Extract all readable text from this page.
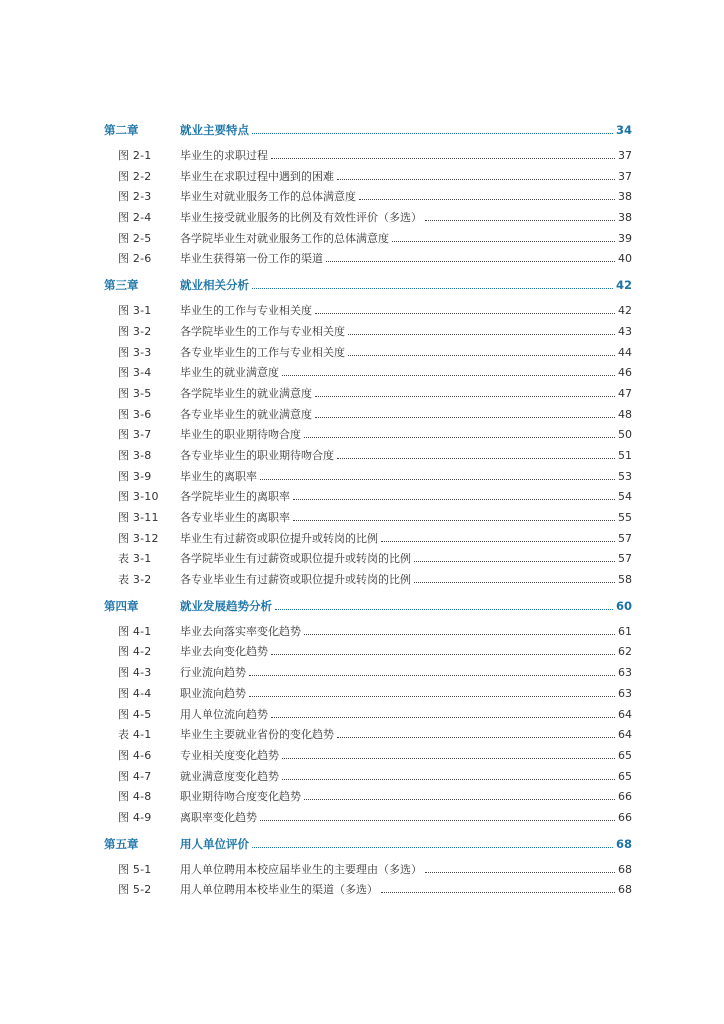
第二章	就业主要特点	34
图 2-1	毕业生的求职过程	37
图 2-2	毕业生在求职过程中遇到的困难	37
图 2-3	毕业生对就业服务工作的总体满意度	38
图 2-4	毕业生接受就业服务的比例及有效性评价（多选）	38
图 2-5	各学院毕业生对就业服务工作的总体满意度	39
图 2-6	毕业生获得第一份工作的渠道	40
第三章	就业相关分析	42
图 3-1	毕业生的工作与专业相关度	42
图 3-2	各学院毕业生的工作与专业相关度	43
图 3-3	各专业毕业生的工作与专业相关度	44
图 3-4	毕业生的就业满意度	46
图 3-5	各学院毕业生的就业满意度	47
图 3-6	各专业毕业生的就业满意度	48
图 3-7	毕业生的职业期待吻合度	50
图 3-8	各专业毕业生的职业期待吻合度	51
图 3-9	毕业生的离职率	53
图 3-10	各学院毕业生的离职率	54
图 3-11	各专业毕业生的离职率	55
图 3-12	毕业生有过薪资或职位提升或转岗的比例	57
表 3-1	各学院毕业生有过薪资或职位提升或转岗的比例	57
表 3-2	各专业毕业生有过薪资或职位提升或转岗的比例	58
第四章	就业发展趋势分析	60
图 4-1	毕业去向落实率变化趋势	61
图 4-2	毕业去向变化趋势	62
图 4-3	行业流向趋势	63
图 4-4	职业流向趋势	63
图 4-5	用人单位流向趋势	64
表 4-1	毕业生主要就业省份的变化趋势	64
图 4-6	专业相关度变化趋势	65
图 4-7	就业满意度变化趋势	65
图 4-8	职业期待吻合度变化趋势	66
图 4-9	离职率变化趋势	66
第五章	用人单位评价	68
图 5-1	用人单位聘用本校应届毕业生的主要理由（多选）	68
图 5-2	用人单位聘用本校毕业生的渠道（多选）	68
